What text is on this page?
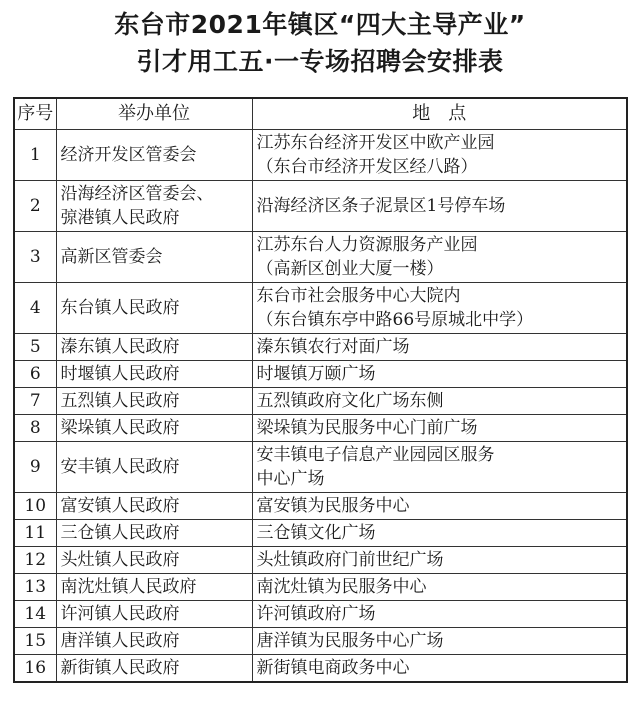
东台市2021年镇区“四大主导产业”
引才用工五·一专场招聘会安排表
序号	举办单位	地　点
1	经济开发区管委会	江苏东台经济开发区中欧产业园
（东台市经济开发区经八路）

2	沿海经济区管委会、
弶港镇人民政府	沿海经济区条子泥景区1号停车场

3	高新区管委会	江苏东台人力资源服务产业园
（高新区创业大厦一楼）

4	东台镇人民政府	东台市社会服务中心大院内
（东台镇东亭中路66号原城北中学）

5	溱东镇人民政府	溱东镇农行对面广场

6	时堰镇人民政府	时堰镇万颐广场

7	五烈镇人民政府	五烈镇政府文化广场东侧

8	梁垛镇人民政府	梁垛镇为民服务中心门前广场

9	安丰镇人民政府	安丰镇电子信息产业园园区服务
中心广场

10	富安镇人民政府	富安镇为民服务中心

11	三仓镇人民政府	三仓镇文化广场

12	头灶镇人民政府	头灶镇政府门前世纪广场

13	南沈灶镇人民政府	南沈灶镇为民服务中心

14	许河镇人民政府	许河镇政府广场

15	唐洋镇人民政府	唐洋镇为民服务中心广场

16	新街镇人民政府	新街镇电商政务中心
